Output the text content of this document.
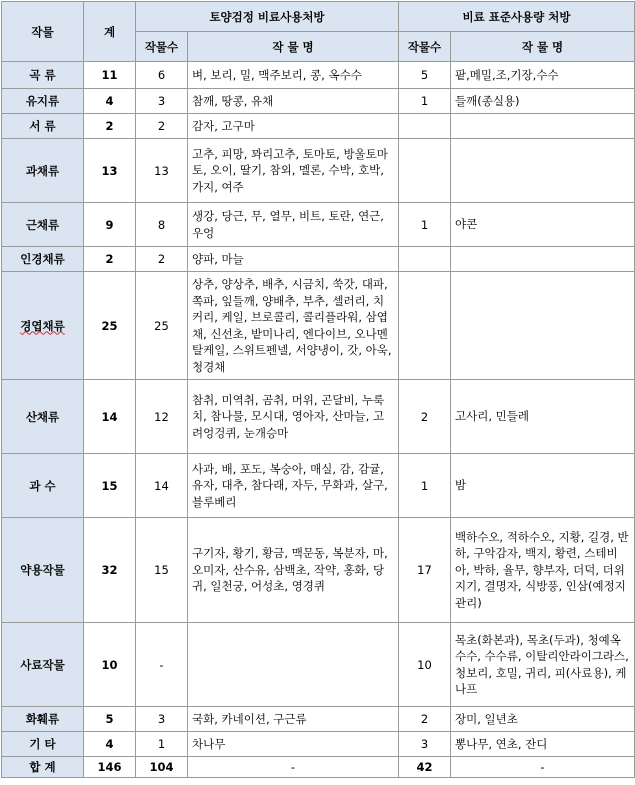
작물	계	토양검정 비료사용처방		비료 표준사용량 처방	
		작물수	작 물 명	작물수	작 물 명
곡 류	11	6	벼, 보리, 밀, 맥주보리, 콩, 옥수수	5	팥,메밀,조,기장,수수
유지류	4	3	참깨, 땅콩, 유채	1	들깨(종실용)
서 류	2	2	감자, 고구마		
과채류	13	13	고추, 피망, 꽈리고추, 토마토, 방울토마토, 오이, 딸기, 참외, 멜론, 수박, 호박, 가지, 여주		
근채류	9	8	생강, 당근, 무, 열무, 비트, 토란, 연근, 우엉	1	야콘
인경채류	2	2	양파, 마늘		
경엽채류	25	25	상추, 양상추, 배추, 시금치, 쑥갓, 대파, 쪽파, 잎들깨, 양배추, 부추, 셀러리, 치커리, 케일, 브로콜리, 콜리플라워, 삼엽채, 신선초, 밭미나리, 엔다이브, 오나멘탈케일, 스위트펜넬, 서양냉이, 갓, 아욱, 청경채		
산채류	14	12	참취, 미역취, 곰취, 머위, 곤달비, 누룩치, 참나물, 모시대, 영아자, 산마늘, 고려엉겅퀴, 눈개승마	2	고사리, 민들레
과 수	15	14	사과, 배, 포도, 복숭아, 매실, 감, 감귤, 유자, 대추, 참다래, 자두, 무화과, 살구, 블루베리	1	밤
약용작물	32	15	구기자, 황기, 황금, 맥문동, 복분자, 마, 오미자, 산수유, 삼백초, 작약, 홍화, 당귀, 일천궁, 어성초, 영경퀴	17	백하수오, 적하수오, 지황, 길경, 반하, 구악감자, 백지, 황련, 스테비아, 박하, 율무, 향부자, 더덕, 더위지기, 결명자, 식방풍, 인삼(예정지관리)
사료작물	10	-		10	목초(화본과), 목초(두과), 청예옥수수, 수수류, 이탈리안라이그라스, 청보리, 호밀, 귀리, 피(사료용), 케나프
화훼류	5	3	국화, 카네이션, 구근류	2	장미, 일년초
기 타	4	1	차나무	3	뽕나무, 연초, 잔디
합 계	146	104	-	42	-
